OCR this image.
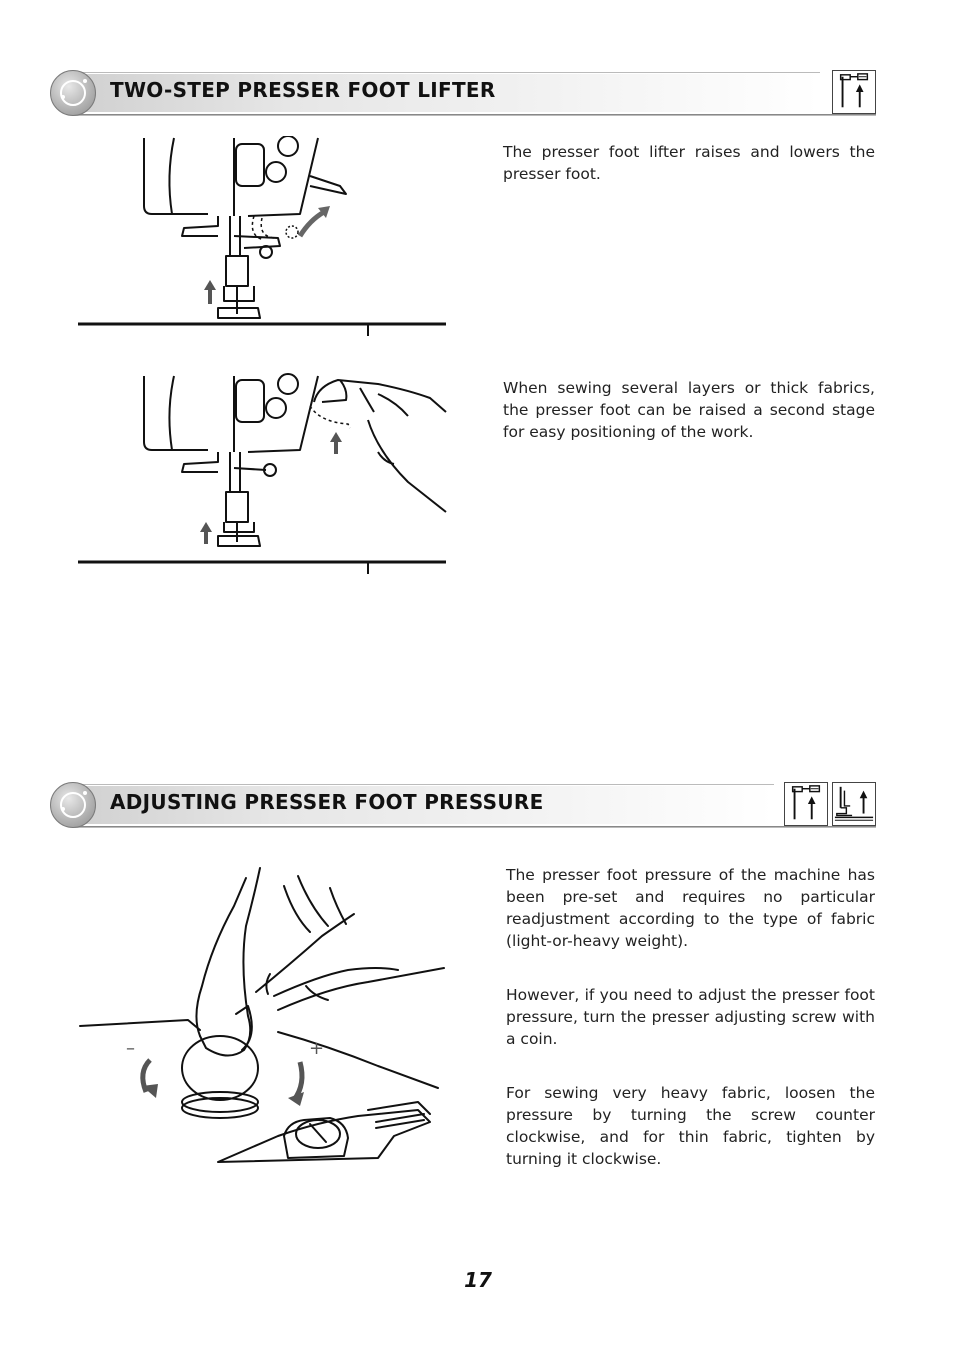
TWO-STEP PRESSER FOOT LIFTER
The presser foot lifter raises and lowers the presser foot.
When sewing several layers or thick fabrics, the presser foot can be raised a second stage for easy positioning of the work.
ADJUSTING PRESSER FOOT PRESSURE
The presser foot pressure of the machine has been pre-set and requires no particular readjustment according to the type of fabric (light-or-heavy weight).
However, if you need to adjust the presser foot pressure, turn the presser adjusting screw with a coin.
For sewing very heavy fabric, loosen the pressure by turning the screw counter clockwise, and for thin fabric, tighten by turning it clockwise.
–	+
17
